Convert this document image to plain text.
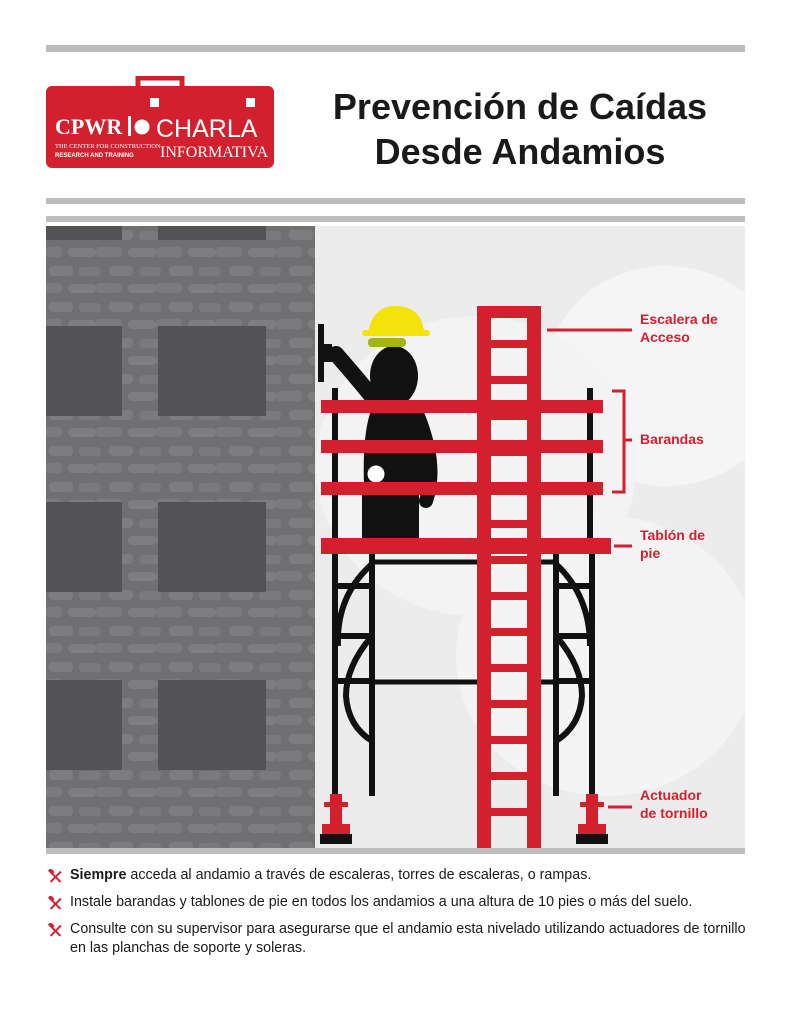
CPWR
THE CENTER FOR CONSTRUCTION
RESEARCH AND TRAINING
CHARLA
INFORMATIVA
Prevención de Caídas
Desde Andamios
Escalera de
Acceso
Barandas
Tablón de
pie
Actuador
de tornillo
Siempre acceda al andamio a través de escaleras, torres de escaleras, o rampas.
Instale barandas y tablones de pie en todos los andamios a una altura de 10 pies o más del suelo.
Consulte con su supervisor para asegurarse que el andamio esta nivelado utilizando actuadores de tornillo en las planchas de soporte y soleras.
